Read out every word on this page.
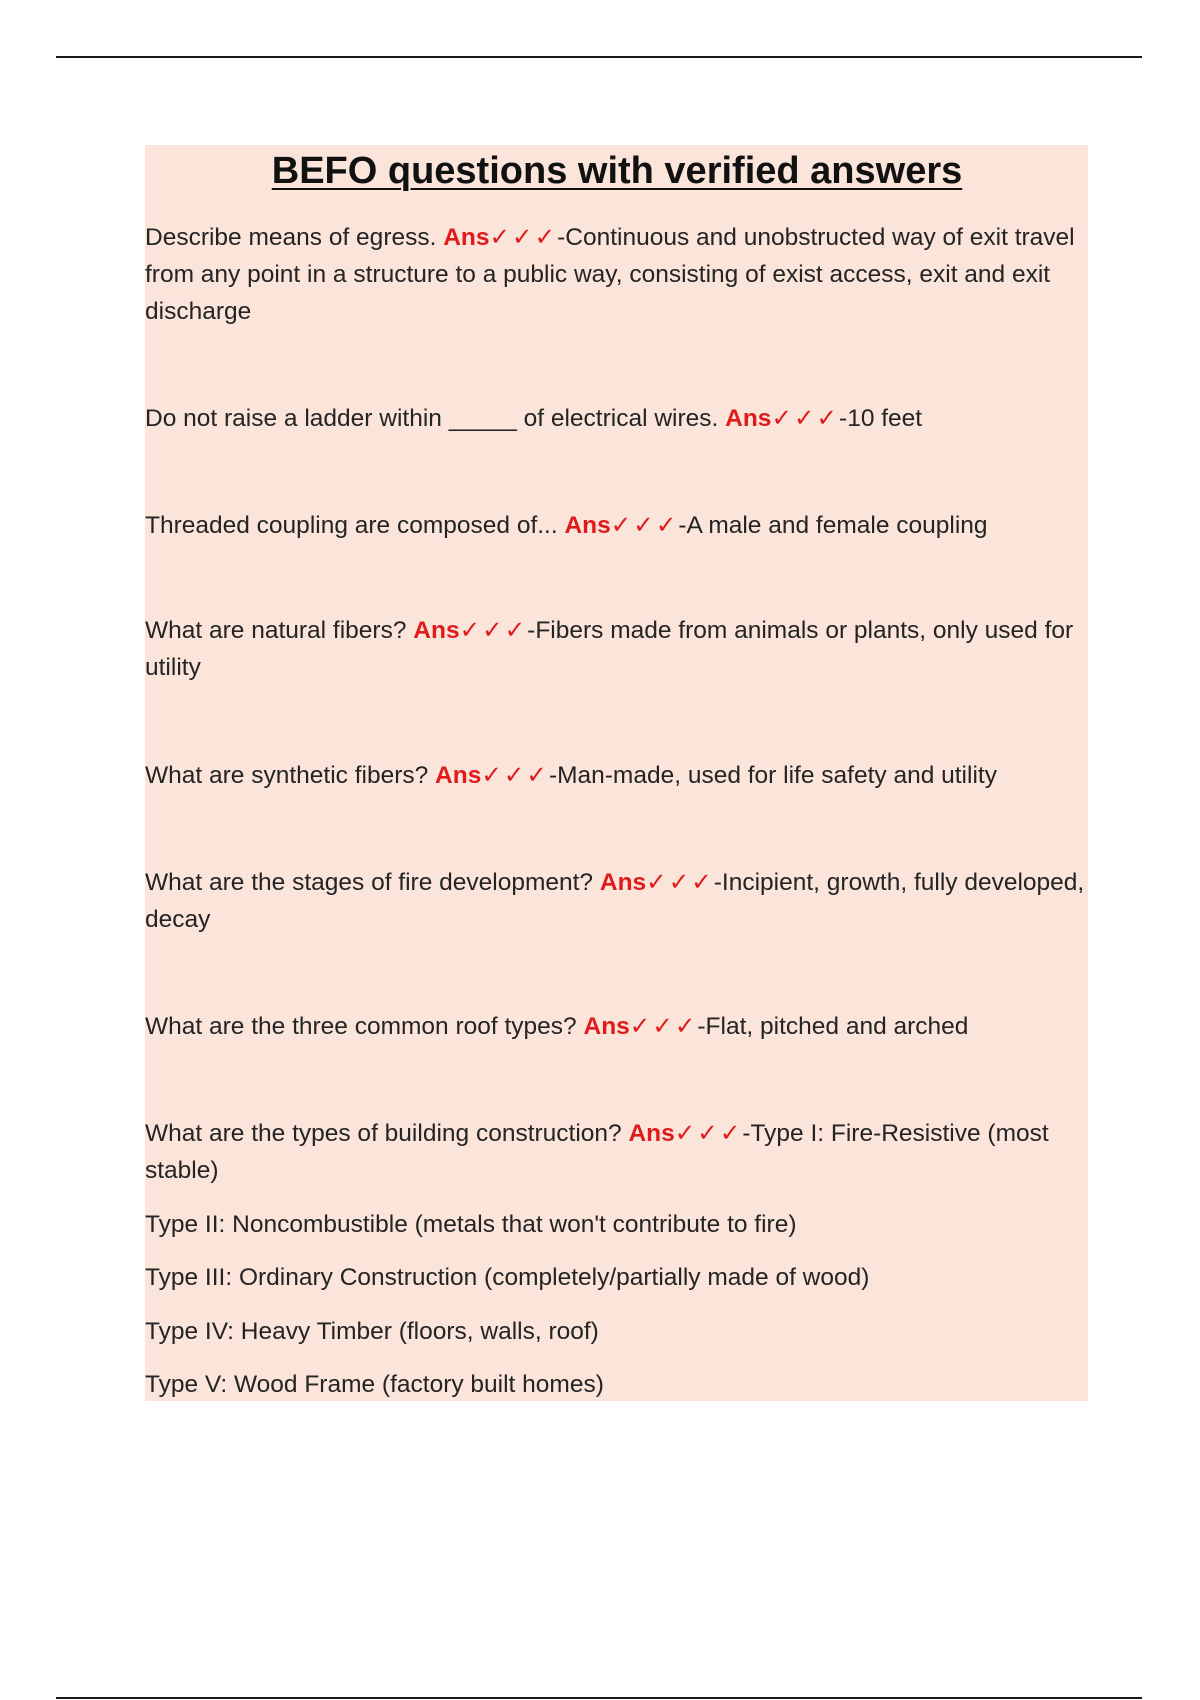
BEFO questions with verified answers

Describe means of egress. Ans✓✓✓-Continuous and unobstructed way of exit travel from any point in a structure to a public way, consisting of exist access, exit and exit discharge

Do not raise a ladder within _____ of electrical wires. Ans✓✓✓-10 feet

Threaded coupling are composed of... Ans✓✓✓-A male and female coupling

What are natural fibers? Ans✓✓✓-Fibers made from animals or plants, only used for utility

What are synthetic fibers? Ans✓✓✓-Man-made, used for life safety and utility

What are the stages of fire development? Ans✓✓✓-Incipient, growth, fully developed, decay

What are the three common roof types? Ans✓✓✓-Flat, pitched and arched

What are the types of building construction? Ans✓✓✓-Type I: Fire-Resistive (most stable)

Type II: Noncombustible (metals that won't contribute to fire)

Type III: Ordinary Construction (completely/partially made of wood)

Type IV: Heavy Timber (floors, walls, roof)

Type V: Wood Frame (factory built homes)
